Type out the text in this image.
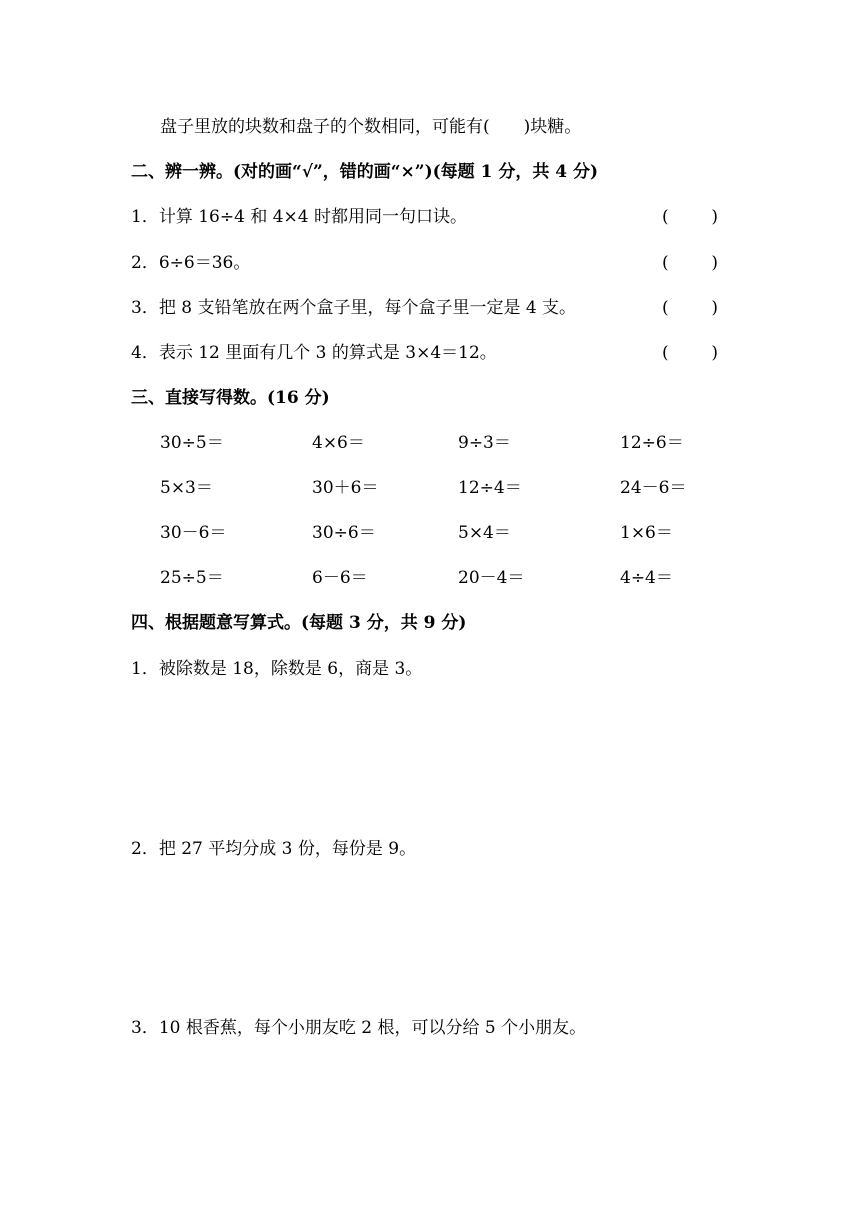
盘子里放的块数和盘子的个数相同，可能有(　　)块糖。
二、辨一辨。(对的画“√”，错的画“×”)(每题 1 分，共 4 分)
1．计算 16÷4 和 4×4 时都用同一句口诀。	(	)
2．6÷6＝36。	(	)
3．把 8 支铅笔放在两个盒子里，每个盒子里一定是 4 支。	(	)
4．表示 12 里面有几个 3 的算式是 3×4＝12。	(	)
三、直接写得数。(16 分)
30÷5＝	4×6＝	9÷3＝	12÷6＝
5×3＝	30＋6＝	12÷4＝	24－6＝
30－6＝	30÷6＝	5×4＝	1×6＝
25÷5＝	6－6＝	20－4＝	4÷4＝
四、根据题意写算式。(每题 3 分，共 9 分)
1．被除数是 18，除数是 6，商是 3。
2．把 27 平均分成 3 份，每份是 9。
3．10 根香蕉，每个小朋友吃 2 根，可以分给 5 个小朋友。
